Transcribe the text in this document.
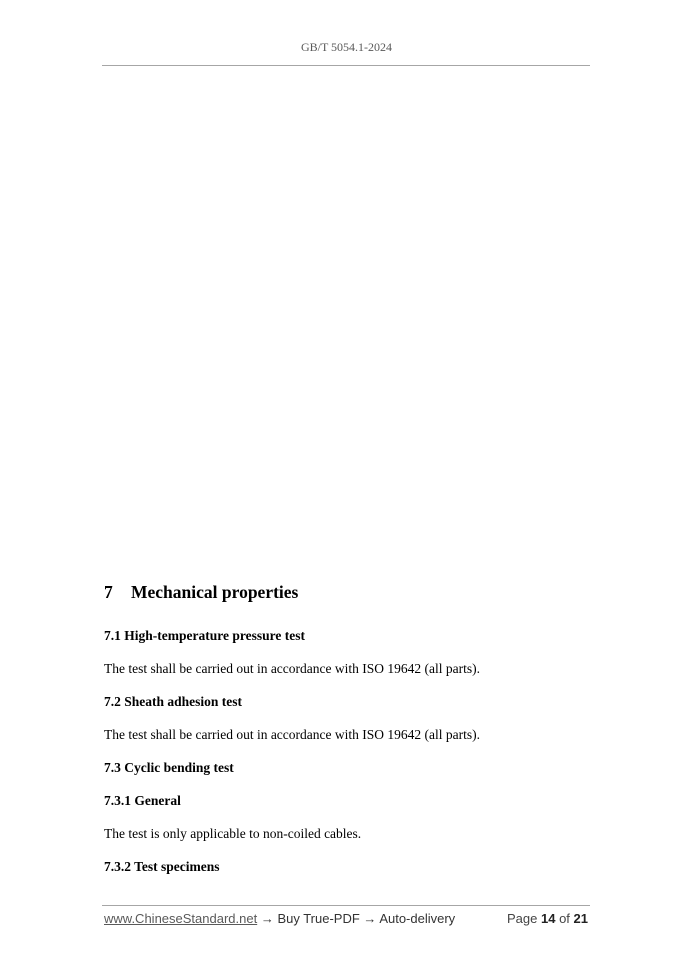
GB/T 5054.1-2024
7 Mechanical properties
7.1 High-temperature pressure test
The test shall be carried out in accordance with ISO 19642 (all parts).
7.2 Sheath adhesion test
The test shall be carried out in accordance with ISO 19642 (all parts).
7.3 Cyclic bending test
7.3.1 General
The test is only applicable to non-coiled cables.
7.3.2 Test specimens
www.ChineseStandard.net → Buy True-PDF → Auto-delivery	Page 14 of 21
